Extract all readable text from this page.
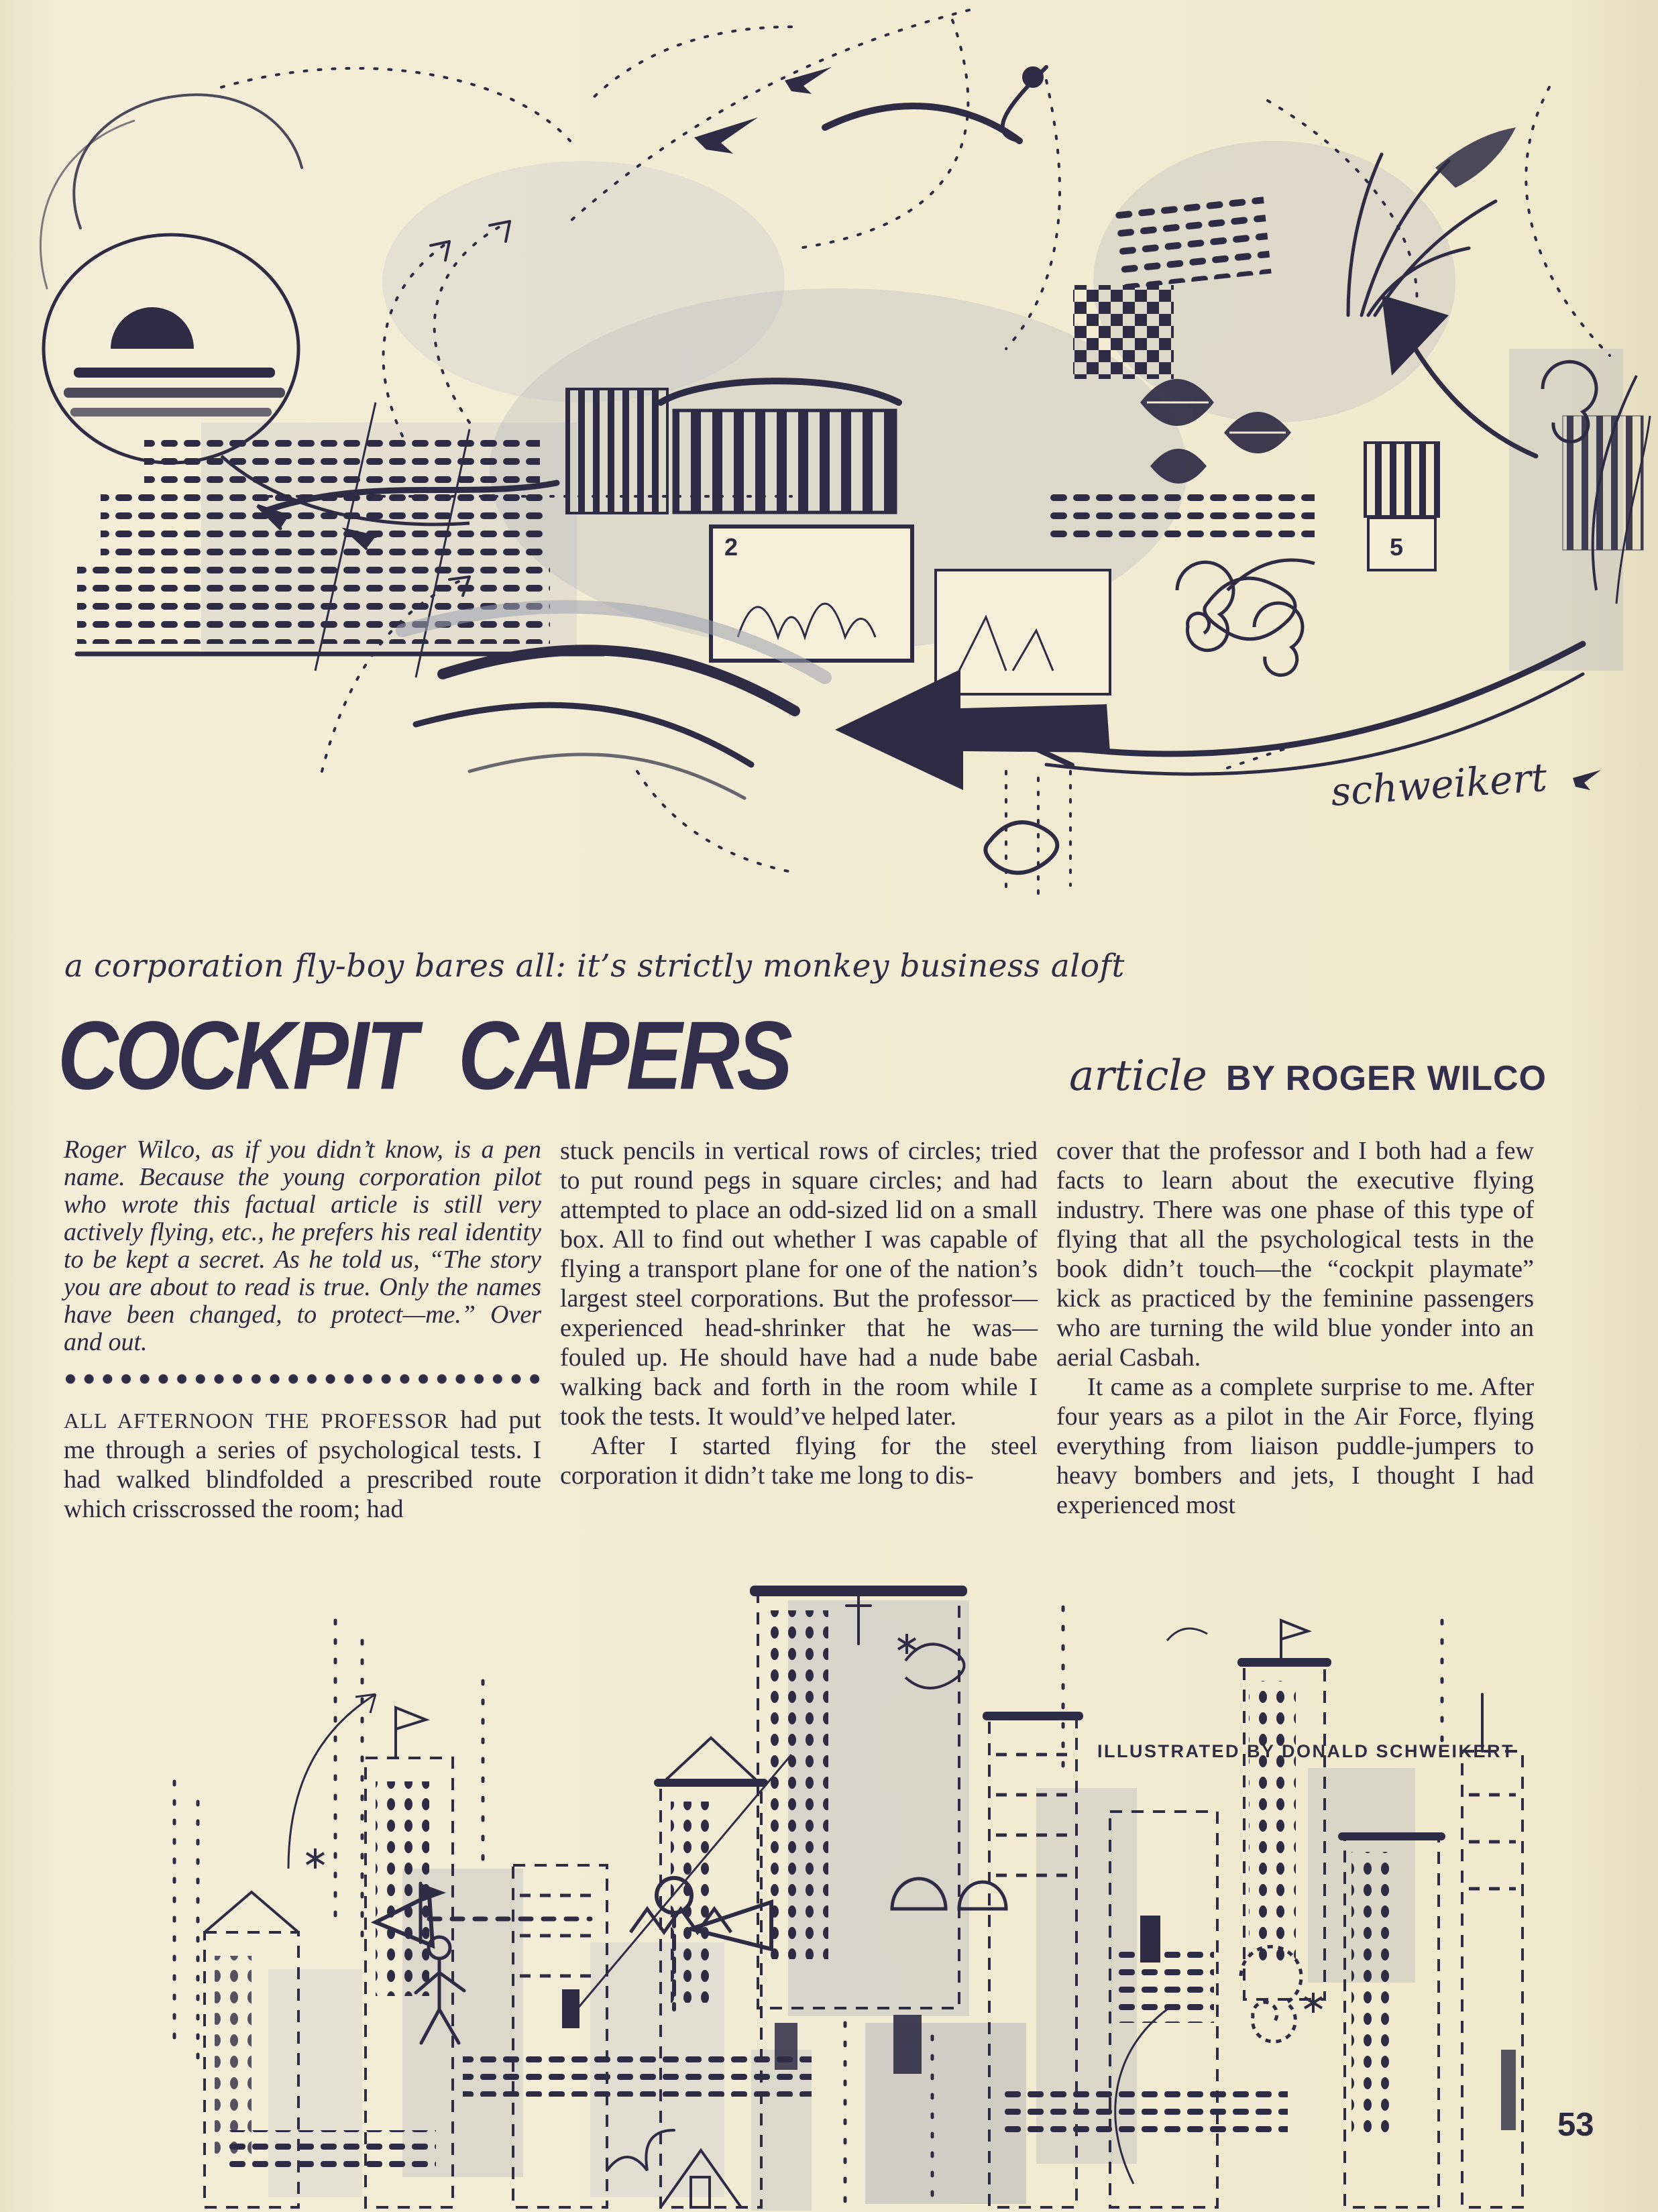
2	5
schweikert
a corporation fly-boy bares all: it’s strictly monkey business aloft
COCKPIT CAPERS	article BY ROGER WILCO

Roger Wilco, as if you didn’t know, is a pen name. Because the young corporation pilot who wrote this factual article is still very actively flying, etc., he prefers his real identity to be kept a secret. As he told us, “The story you are about to read is true. Only the names have been changed, to protect—me.” Over and out.

ALL AFTERNOON THE PROFESSOR had put me through a series of psychological tests. I had walked blindfolded a prescribed route which crisscrossed the room; had

stuck pencils in vertical rows of circles; tried to put round pegs in square circles; and had attempted to place an odd-sized lid on a small box. All to find out whether I was capable of flying a transport plane for one of the nation’s largest steel corporations. But the professor—experienced head-shrinker that he was—fouled up. He should have had a nude babe walking back and forth in the room while I took the tests. It would’ve helped later.

After I started flying for the steel corporation it didn’t take me long to dis-

cover that the professor and I both had a few facts to learn about the executive flying industry. There was one phase of this type of flying that all the psychological tests in the book didn’t touch—the “cockpit playmate” kick as practiced by the feminine passengers who are turning the wild blue yonder into an aerial Casbah.

It came as a complete surprise to me. After four years as a pilot in the Air Force, flying everything from liaison puddle-jumpers to heavy bombers and jets, I thought I had experienced most

ILLUSTRATED BY DONALD SCHWEIKERT
53
